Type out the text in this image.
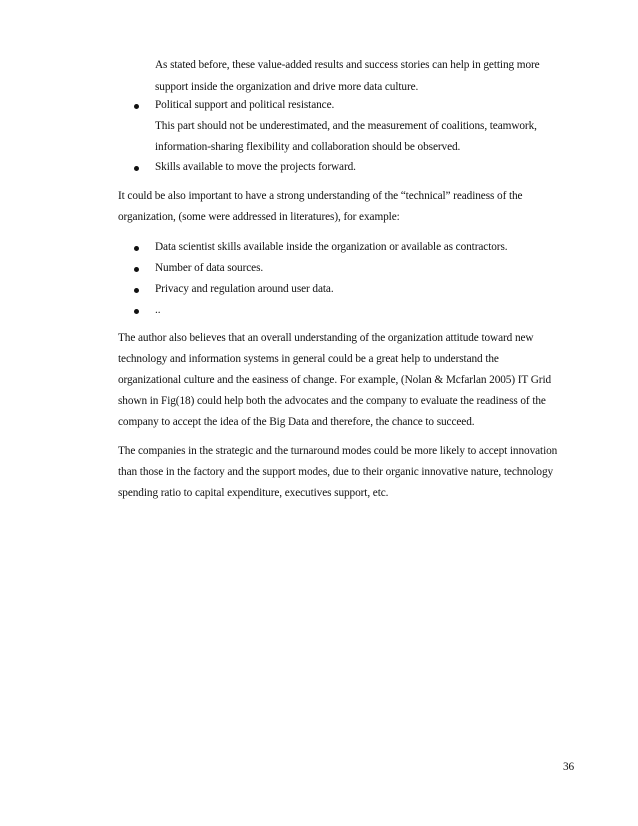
As stated before, these value-added results and success stories can help in getting more
support inside the organization and drive more data culture.
Political support and political resistance.
This part should not be underestimated, and the measurement of coalitions, teamwork,
information-sharing flexibility and collaboration should be observed.
Skills available to move the projects forward.
It could be also important to have a strong understanding of the “technical” readiness of the
organization, (some were addressed in literatures), for example:
Data scientist skills available inside the organization or available as contractors.
Number of data sources.
Privacy and regulation around user data.
..
The author also believes that an overall understanding of the organization attitude toward new
technology and information systems in general could be a great help to understand the
organizational culture and the easiness of change. For example, (Nolan & Mcfarlan 2005) IT Grid
shown in Fig(18) could help both the advocates and the company to evaluate the readiness of the
company to accept the idea of the Big Data and therefore, the chance to succeed.
The companies in the strategic and the turnaround modes could be more likely to accept innovation
than those in the factory and the support modes, due to their organic innovative nature, technology
spending ratio to capital expenditure, executives support, etc.
36
